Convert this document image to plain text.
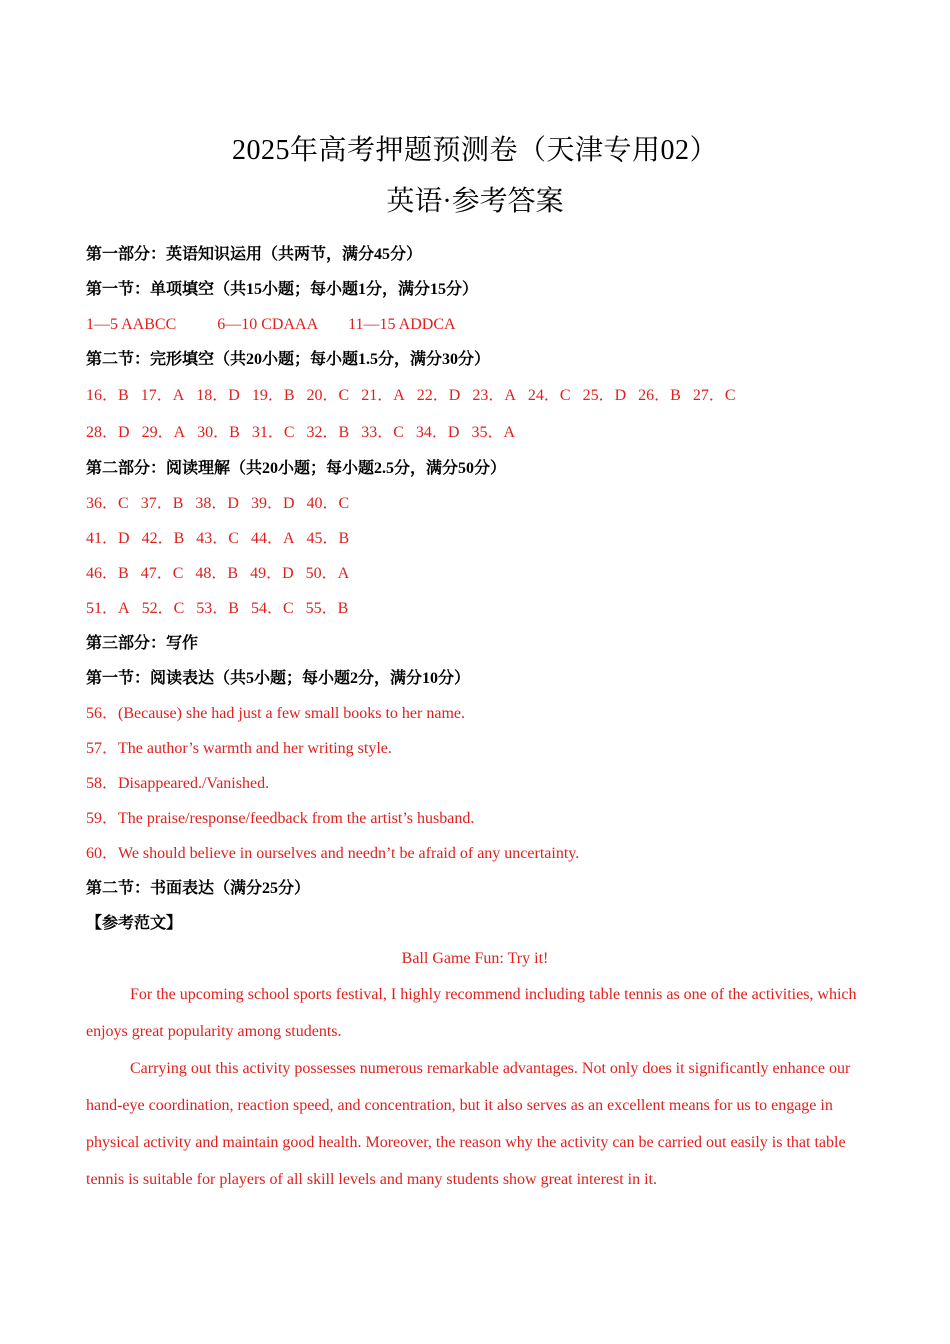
2025年高考押题预测卷（天津专用02）
英语·参考答案
第一部分：英语知识运用（共两节，满分45分）
第一节：单项填空（共15小题；每小题1分，满分15分）
1—5 AABCC	6—10 CDAAA 11—15 ADDCA
第二节：完形填空（共20小题；每小题1.5分，满分30分）
16．B 17．A 18．D 19．B 20．C 21．A 22．D 23．A 24．C 25．D 26．B 27．C
28．D 29．A 30．B 31．C 32．B 33．C 34．D 35．A
第二部分：阅读理解（共20小题；每小题2.5分，满分50分）
36．C 37．B 38．D 39．D 40．C
41．D 42．B 43．C 44．A 45．B
46．B 47．C 48．B 49．D 50．A
51．A 52．C 53．B 54．C 55．B
第三部分：写作
第一节：阅读表达（共5小题；每小题2分，满分10分）
56．(Because) she had just a few small books to her name.
57．The author’s warmth and her writing style.
58．Disappeared./Vanished.
59．The praise/response/feedback from the artist’s husband.
60．We should believe in ourselves and needn’t be afraid of any uncertainty.
第二节：书面表达（满分25分）
【参考范文】
Ball Game Fun: Try it!

For the upcoming school sports festival, I highly recommend including table tennis as one of the activities, which enjoys great popularity among students.

Carrying out this activity possesses numerous remarkable advantages. Not only does it significantly enhance our hand-eye coordination, reaction speed, and concentration, but it also serves as an excellent means for us to engage in physical activity and maintain good health. Moreover, the reason why the activity can be carried out easily is that table tennis is suitable for players of all skill levels and many students show great interest in it.
